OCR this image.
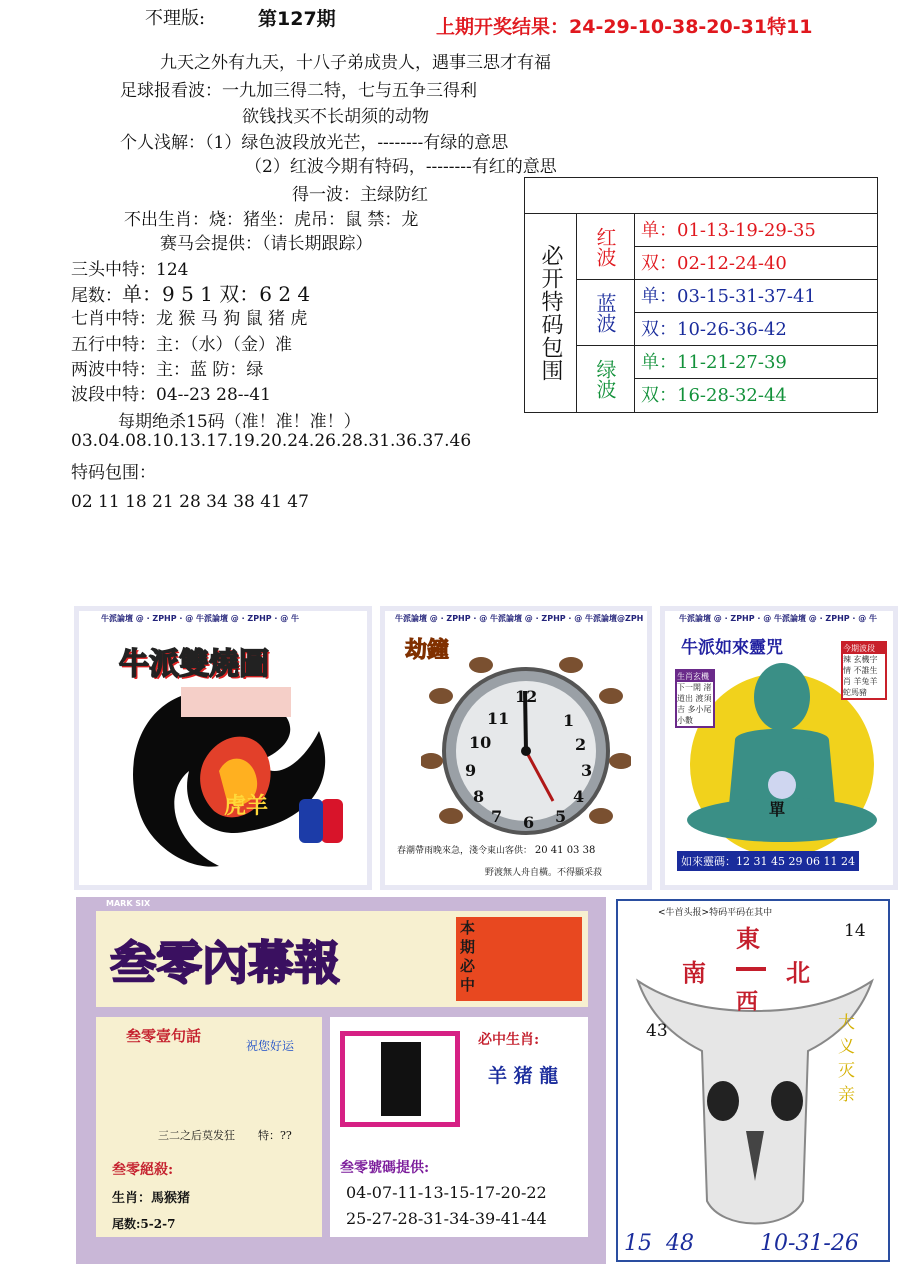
不理版:	第127期	上期开奖结果：24-29-10-38-20-31特11
九天之外有九天，十八子弟成贵人，遇事三思才有福
足球报看波：一九加三得二特，七与五争三得利
欲钱找买不长胡须的动物
个人浅解：（1）绿色波段放光芒，--------有绿的意思
（2）红波今期有特码，--------有红的意思
得一波：主绿防红
不出生肖：烧：猪坐：虎吊：鼠 禁：龙
赛马会提供：（请长期跟踪）
三头中特：124
尾数：单：9 5 1 双：6 2 4
七肖中特：龙 猴 马 狗 鼠 猪 虎
五行中特：主：（水）（金）准
两波中特：主：蓝 防：绿
波段中特：04--23 28--41
每期绝杀15码（准！准！准！）
03.04.08.10.13.17.19.20.24.26.28.31.36.37.46
特码包围：
02 11 18 21 28 34 38 41 47
必开特码包围 红波	单：01-13-19-29-35
双：02-12-24-40
蓝波	单：03-15-31-37-41
双：10-26-36-42
绿波	单：11-21-27-39
双：16-28-32-44
牛派論壇 @ · ZPHP · @ 牛派論壇 @ · ZPHP · @ 牛
牛派雙燒圖
虎羊
牛派論壇 @ · ZPHP · @ 牛派論壇 @ · ZPHP · @ 牛派論壇@ZPH
劫鐘
12
1
2
3
4
5
6
7
8
9
10
11
春潮帶雨晚來急，淺令東山客供： 20 41 03 38
野渡無人舟自橫。不得顯采菽
牛派論壇 @ · ZPHP · @ 牛派論壇 @ · ZPHP · @ 牛
牛派如來靈咒
生肖玄機
下一開 渚道出 渡須吉 多小尾 小數
今期波段
辣 玄機字 情 不誰生肖 羊兔羊 蛇馬豬
單
如來靈碼：12 31 45 29 06 11 24
MARK SIX
叁零內幕報
本期必中
叁零壹句話
祝您好运
三二之后莫发狂 特：??
叁零絕殺:
生肖：馬猴猪
尾数:5-2-7
必中生肖:
羊 猪 龍
叁零號碼提供:
04-07-11-13-15-17-20-22
25-27-28-31-34-39-41-44
<牛首头报>特码平码在其中
東
南	北
西
14
43	大义灭亲
15  48	10-31-26
